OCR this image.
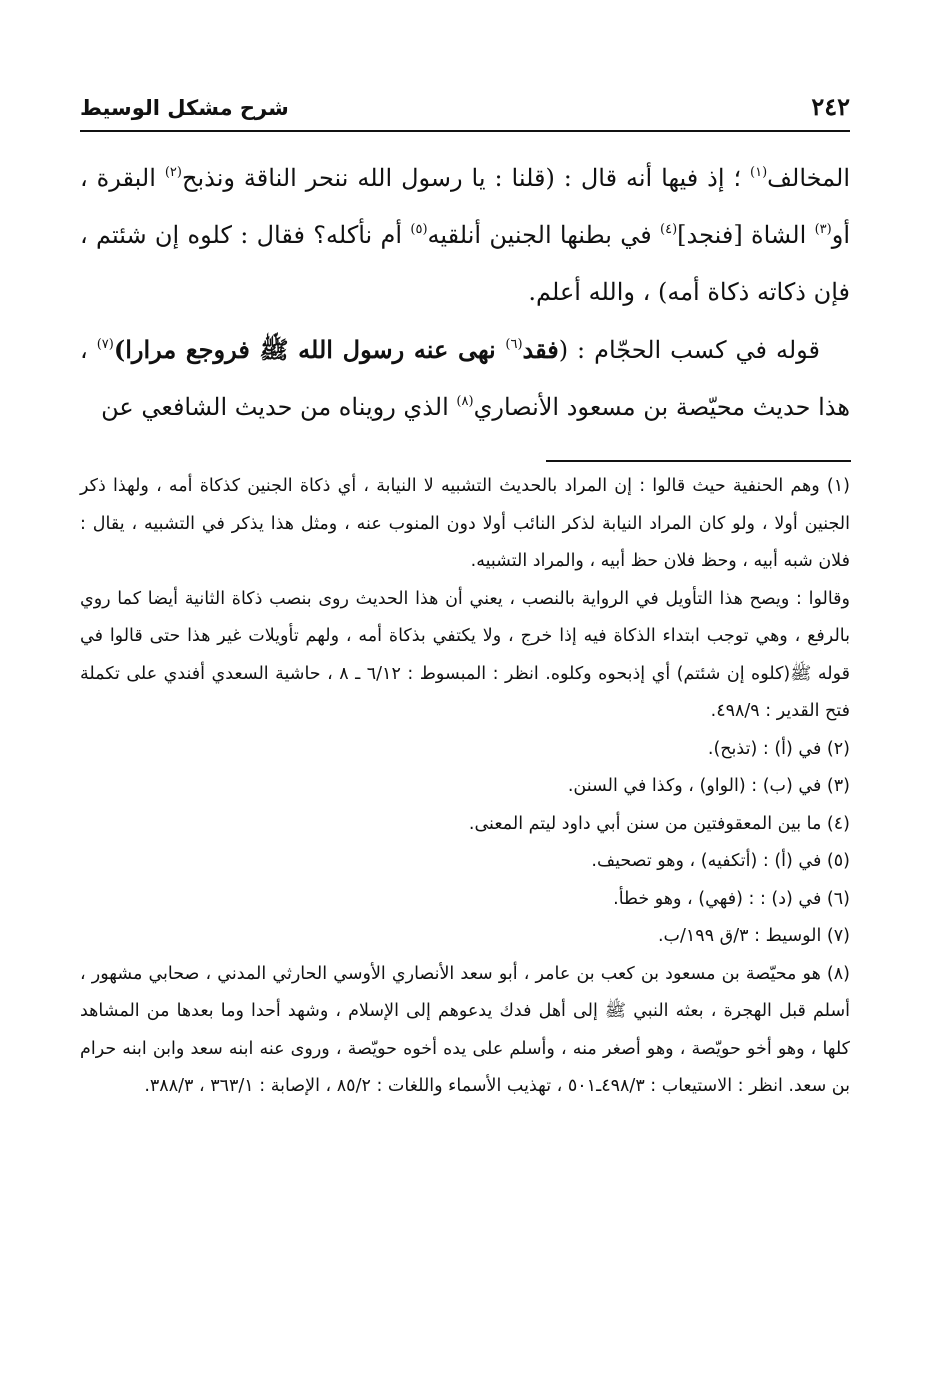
٢٤٢
شرح مشكل الوسيط

المخالف$^{(١)}$ ؛ إذ فيها أنه قال : (قلنا : يا رسول الله ننحر الناقة ونذبح$^{(٢)}$ البقرة ، أو$^{(٣)}$ الشاة [فنجد]$^{(٤)}$ في بطنها الجنين أنلقيه$^{(٥)}$ أم نأكله؟ فقال : كلوه إن شئتم ، فإن ذكاته ذكاة أمه) ، والله أعلم.

قوله في كسب الحجّام : (فقد$^{(٦)}$ نهى عنه رسول الله ﷺ فروجع مرارا)$^{(٧)}$ ، هذا حديث محيّصة بن مسعود الأنصاري$^{(٨)}$ الذي رويناه من حديث الشافعي عن

(١) وهم الحنفية حيث قالوا : إن المراد بالحديث التشبيه لا النيابة ، أي ذكاة الجنين كذكاة أمه ، ولهذا ذكر الجنين أولا ، ولو كان المراد النيابة لذكر النائب أولا دون المنوب عنه ، ومثل هذا يذكر في التشبيه ، يقال : فلان شبه أبيه ، وحظ فلان حظ أبيه ، والمراد التشبيه.

وقالوا : ويصح هذا التأويل في الرواية بالنصب ، يعني أن هذا الحديث روى بنصب ذكاة الثانية أيضا كما روي بالرفع ، وهي توجب ابتداء الذكاة فيه إذا خرج ، ولا يكتفي بذكاة أمه ، ولهم تأويلات غير هذا حتى قالوا في قوله ﷺ(كلوه إن شئتم) أي إذبحوه وكلوه. انظر : المبسوط : ٦/١٢ ـ ٨ ، حاشية السعدي أفندي على تكملة فتح القدير : ٤٩٨/٩.

(٢) في (أ) : (تذبح).

(٣) في (ب) : (الواو) ، وكذا في السنن.

(٤) ما بين المعقوفتين من سنن أبي داود ليتم المعنى.

(٥) في (أ) : (أتكفيه) ، وهو تصحيف.

(٦) في (د) : : (فهي) ، وهو خطأ.

(٧) الوسيط : ٣/ق ١٩٩/ب.

(٨) هو محيّصة بن مسعود بن كعب بن عامر ، أبو سعد الأنصاري الأوسي الحارثي المدني ، صحابي مشهور ، أسلم قبل الهجرة ، بعثه النبي ﷺ إلى أهل فدك يدعوهم إلى الإسلام ، وشهد أحدا وما بعدها من المشاهد كلها ، وهو أخو حويّصة ، وهو أصغر منه ، وأسلم على يده أخوه حويّصة ، وروى عنه ابنه سعد وابن ابنه حرام بن سعد. انظر : الاستيعاب : ٤٩٨/٣ـ٥٠١ ، تهذيب الأسماء واللغات : ٨٥/٢ ، الإصابة : ٣٦٣/١ ، ٣٨٨/٣.
